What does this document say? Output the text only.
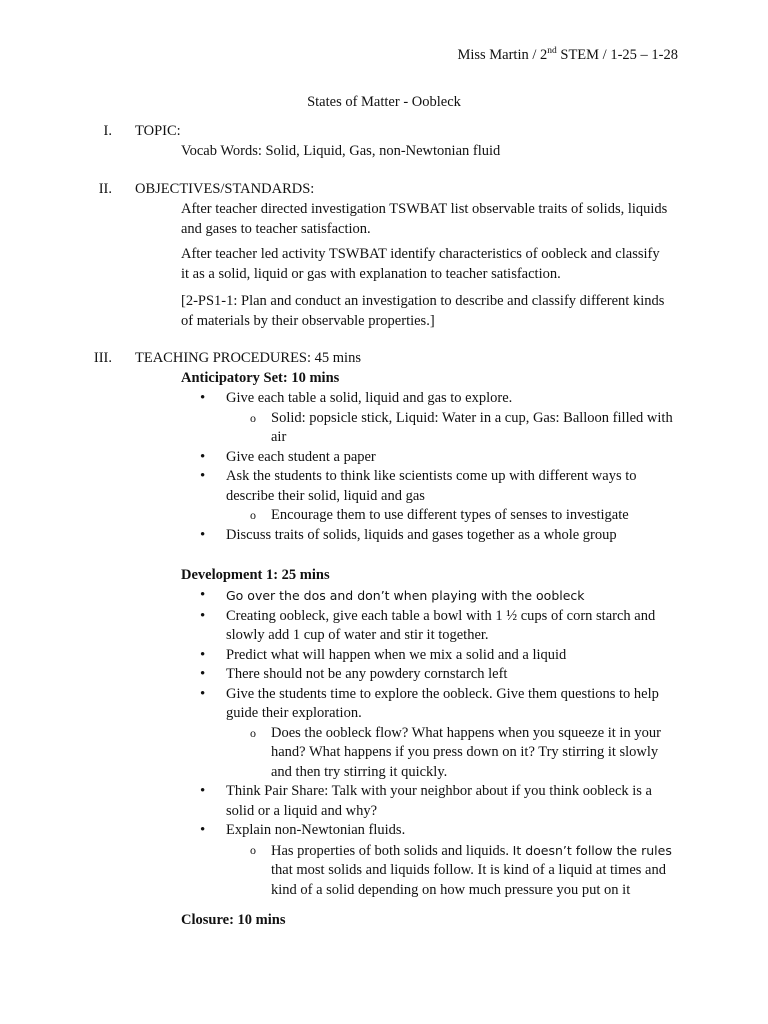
Miss Martin / 2nd STEM / 1-25 – 1-28
States of Matter - Oobleck
I. TOPIC:
Vocab Words: Solid, Liquid, Gas, non-Newtonian fluid
II. OBJECTIVES/STANDARDS:
After teacher directed investigation TSWBAT list observable traits of solids, liquids and gases to teacher satisfaction.
After teacher led activity TSWBAT identify characteristics of oobleck and classify it as a solid, liquid or gas with explanation to teacher satisfaction.
[2-PS1-1: Plan and conduct an investigation to describe and classify different kinds of materials by their observable properties.]
III. TEACHING PROCEDURES: 45 mins
Anticipatory Set: 10 mins
• Give each table a solid, liquid and gas to explore.
o Solid: popsicle stick, Liquid: Water in a cup, Gas: Balloon filled with air
• Give each student a paper
• Ask the students to think like scientists come up with different ways to describe their solid, liquid and gas
o Encourage them to use different types of senses to investigate
• Discuss traits of solids, liquids and gases together as a whole group
Development 1: 25 mins
• Go over the dos and don’t when playing with the oobleck
• Creating oobleck, give each table a bowl with 1 ½ cups of corn starch and slowly add 1 cup of water and stir it together.
• Predict what will happen when we mix a solid and a liquid
• There should not be any powdery cornstarch left
• Give the students time to explore the oobleck. Give them questions to help guide their exploration.
o Does the oobleck flow? What happens when you squeeze it in your hand? What happens if you press down on it? Try stirring it slowly and then try stirring it quickly.
• Think Pair Share: Talk with your neighbor about if you think oobleck is a solid or a liquid and why?
• Explain non-Newtonian fluids.
o Has properties of both solids and liquids. It doesn’t follow the rules that most solids and liquids follow. It is kind of a liquid at times and kind of a solid depending on how much pressure you put on it
Closure: 10 mins
